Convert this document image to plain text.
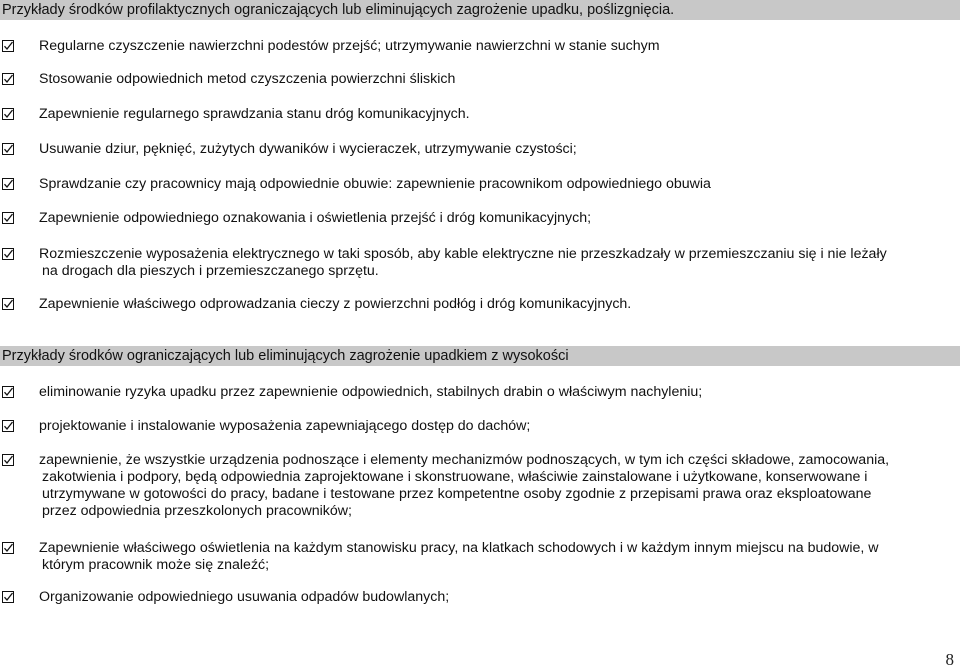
Przykłady środków profilaktycznych ograniczających lub eliminujących zagrożenie upadku, poślizgnięcia.
Regularne czyszczenie nawierzchni podestów przejść; utrzymywanie nawierzchni w stanie suchym
Stosowanie odpowiednich metod czyszczenia powierzchni śliskich
Zapewnienie regularnego sprawdzania stanu dróg komunikacyjnych.
Usuwanie dziur, pęknięć, zużytych dywaników i wycieraczek, utrzymywanie czystości;
Sprawdzanie czy pracownicy mają odpowiednie obuwie: zapewnienie pracownikom odpowiedniego obuwia
Zapewnienie odpowiedniego oznakowania i oświetlenia przejść i dróg komunikacyjnych;
Rozmieszczenie wyposażenia elektrycznego w taki sposób, aby kable elektryczne nie przeszkadzały w przemieszczaniu się i nie leżały
na drogach dla pieszych i przemieszczanego sprzętu.
Zapewnienie właściwego odprowadzania cieczy z powierzchni podłóg i dróg komunikacyjnych.
Przykłady środków ograniczających lub eliminujących zagrożenie upadkiem z wysokości
eliminowanie ryzyka upadku przez zapewnienie odpowiednich, stabilnych drabin o właściwym nachyleniu;
projektowanie i instalowanie wyposażenia zapewniającego dostęp do dachów;
zapewnienie, że wszystkie urządzenia podnoszące i elementy mechanizmów podnoszących, w tym ich części składowe, zamocowania,
zakotwienia i podpory, będą odpowiednia zaprojektowane i skonstruowane, właściwie zainstalowane i użytkowane, konserwowane i
utrzymywane w gotowości do pracy, badane i testowane przez kompetentne osoby zgodnie z przepisami prawa oraz eksploatowane
przez odpowiednia przeszkolonych pracowników;
Zapewnienie właściwego oświetlenia na każdym stanowisku pracy, na klatkach schodowych i w każdym innym miejscu na budowie, w
którym pracownik może się znaleźć;
Organizowanie odpowiedniego usuwania odpadów budowlanych;
8
